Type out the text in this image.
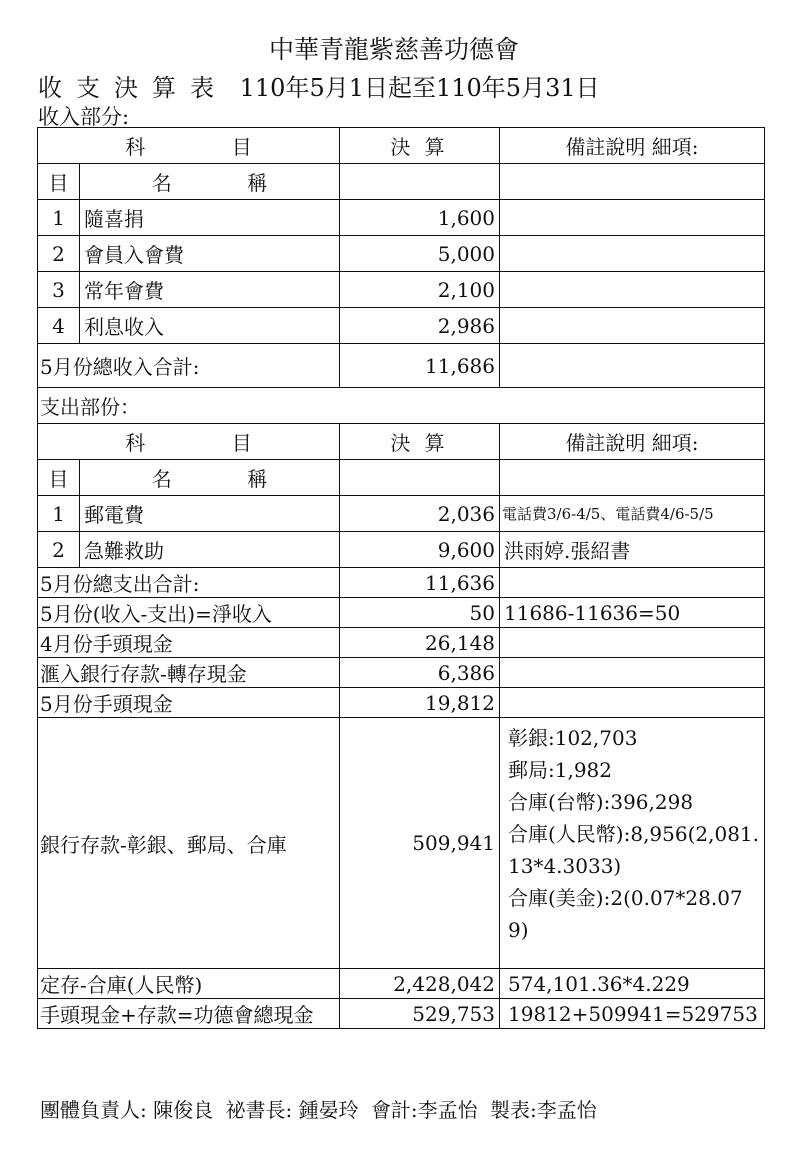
中華青龍紫慈善功德會
收支決算表 110年5月1日起至110年5月31日
收入部分:
科 目		決 算	備註說明 細項:
目	名 稱		

1	隨喜捐	1,600	
2	會員入會費	5,000	
3	常年會費	2,100	
4	利息收入	2,986	
5月份總收入合計:		11,686	
支出部份：			

科 目		決 算	備註說明 細項:
目	名 稱		

1	郵電費	2,036	電話費3/6-4/5、電話費4/6-5/5
2	急難救助	9,600	洪雨婷.張紹書
5月份總支出合計:		11,636	
5月份(收入-支出)=淨收入		50	11686-11636=50
4月份手頭現金		26,148	
滙入銀行存款-轉存現金		6,386	
5月份手頭現金		19,812	
銀行存款-彰銀、郵局、合庫		509,941	彰銀:102,703
郵局:1,982
合庫(台幣):396,298
合庫(人民幣):8,956(2,081.13*4.3033)
合庫(美金):2(0.07*28.079)

定存-合庫(人民幣)		2,428,042	574,101.36*4.229
手頭現金+存款=功德會總現金		529,753	19812+509941=529753
團體負責人: 陳俊良 祕書長: 鍾晏玲 會計:李孟怡 製表:李孟怡
